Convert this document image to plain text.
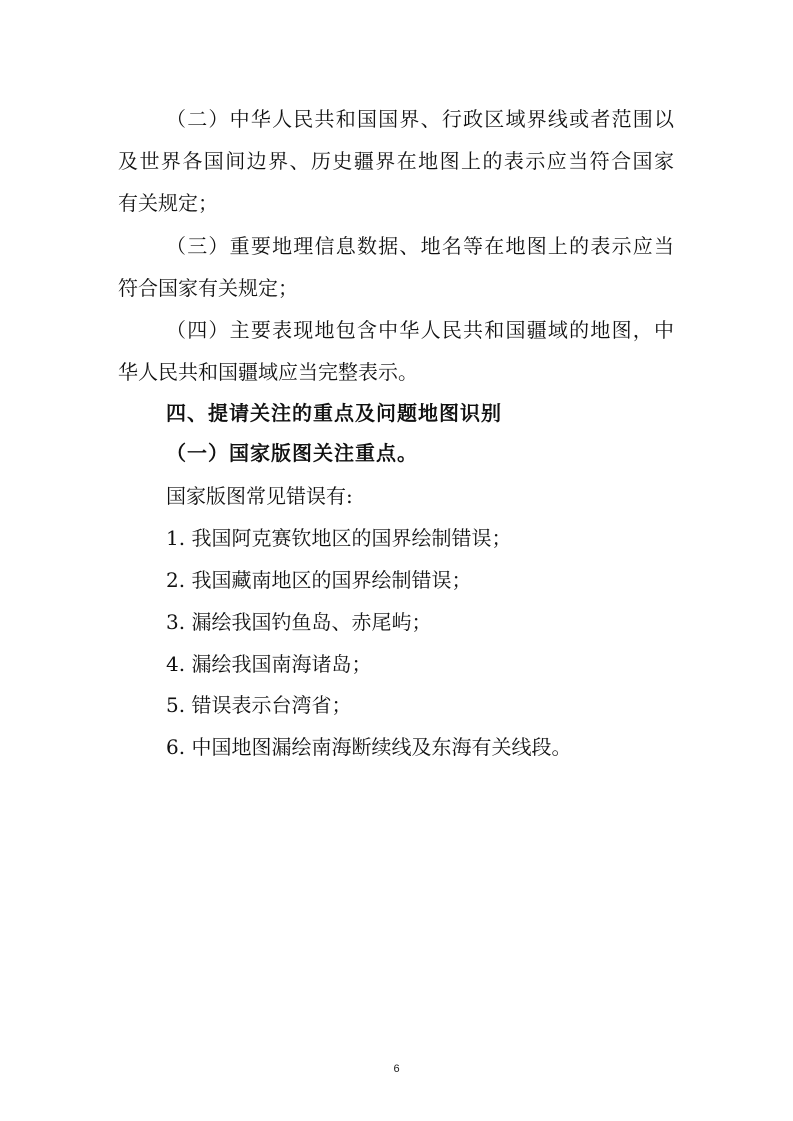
（二）中华人民共和国国界、行政区域界线或者范围以
及世界各国间边界、历史疆界在地图上的表示应当符合国家
有关规定；
（三）重要地理信息数据、地名等在地图上的表示应当
符合国家有关规定；
（四）主要表现地包含中华人民共和国疆域的地图，中
华人民共和国疆域应当完整表示。
四、提请关注的重点及问题地图识别
（一）国家版图关注重点。
国家版图常见错误有:
1. 我国阿克赛钦地区的国界绘制错误；
2. 我国藏南地区的国界绘制错误；
3. 漏绘我国钓鱼岛、赤尾屿；
4. 漏绘我国南海诸岛；
5. 错误表示台湾省；
6. 中国地图漏绘南海断续线及东海有关线段。
6
